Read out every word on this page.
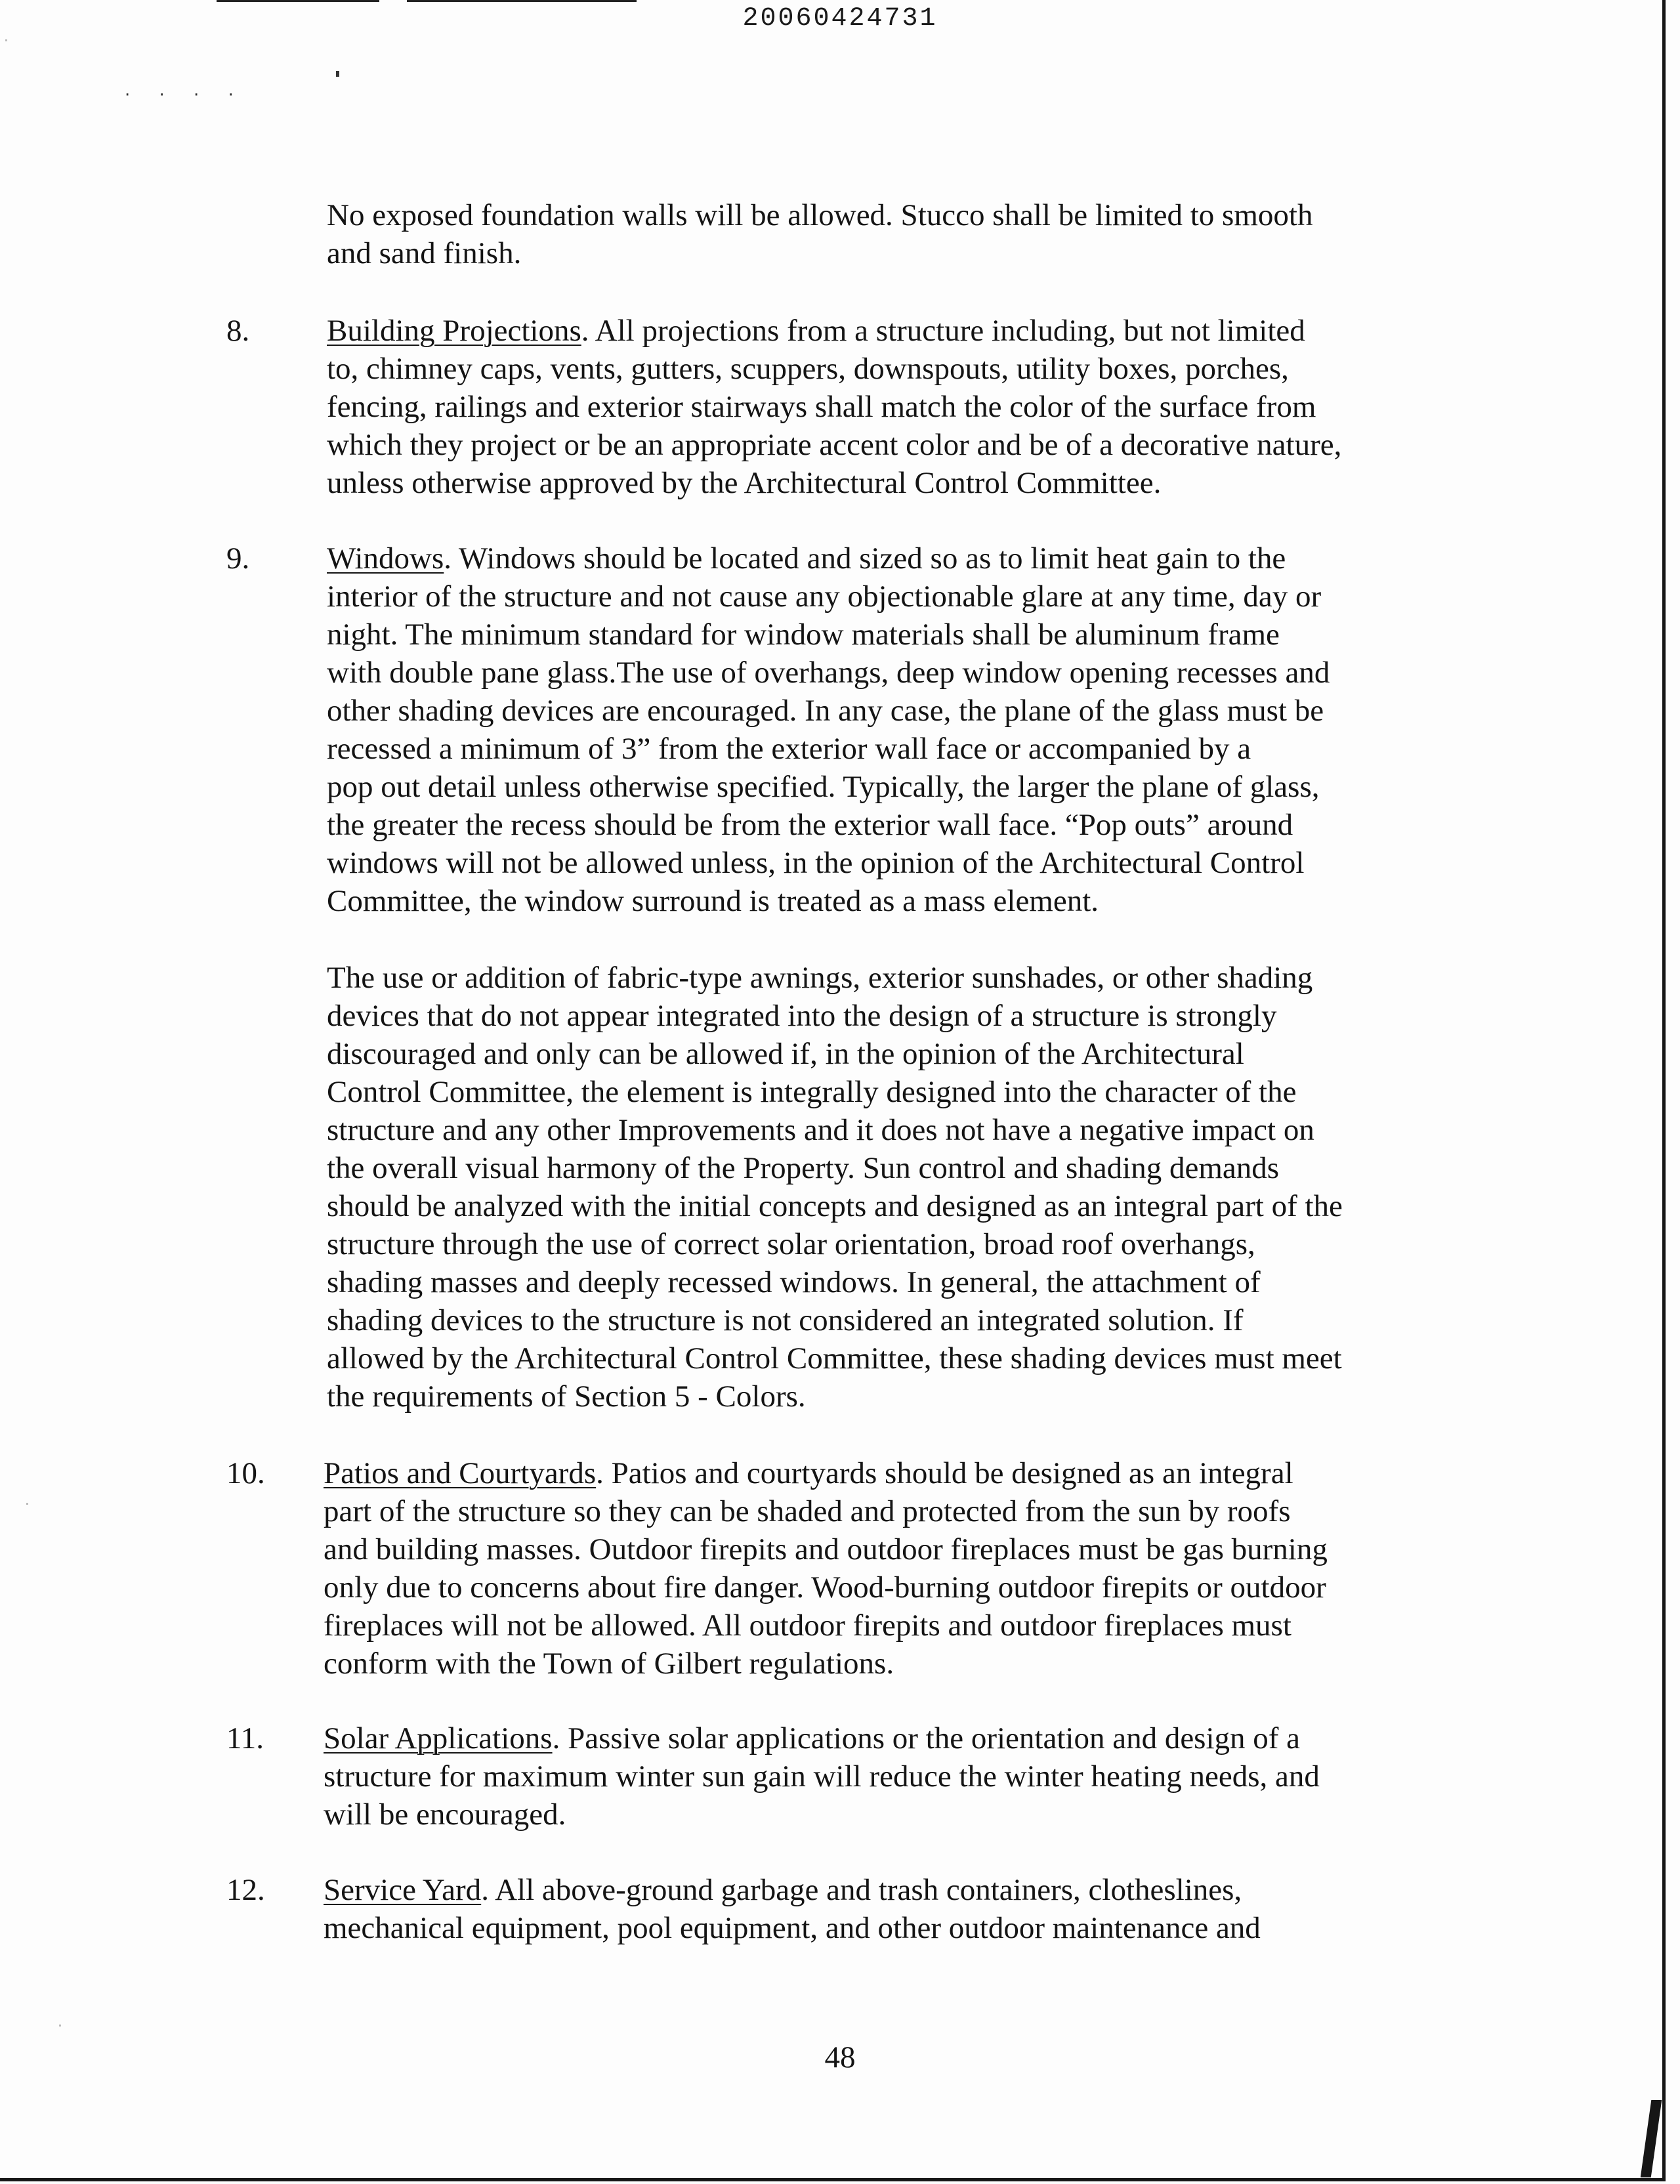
20060424731
· · · ·
No exposed foundation walls will be allowed. Stucco shall be limited to smooth
and sand finish.
8.	Building Projections. All projections from a structure including, but not limited
to, chimney caps, vents, gutters, scuppers, downspouts, utility boxes, porches,
fencing, railings and exterior stairways shall match the color of the surface from
which they project or be an appropriate accent color and be of a decorative nature,
unless otherwise approved by the Architectural Control Committee.
9.	Windows. Windows should be located and sized so as to limit heat gain to the
interior of the structure and not cause any objectionable glare at any time, day or
night. The minimum standard for window materials shall be aluminum frame
with double pane glass.The use of overhangs, deep window opening recesses and
other shading devices are encouraged. In any case, the plane of the glass must be
recessed a minimum of 3” from the exterior wall face or accompanied by a
pop out detail unless otherwise specified. Typically, the larger the plane of glass,
the greater the recess should be from the exterior wall face. “Pop outs” around
windows will not be allowed unless, in the opinion of the Architectural Control
Committee, the window surround is treated as a mass element.
The use or addition of fabric-type awnings, exterior sunshades, or other shading
devices that do not appear integrated into the design of a structure is strongly
discouraged and only can be allowed if, in the opinion of the Architectural
Control Committee, the element is integrally designed into the character of the
structure and any other Improvements and it does not have a negative impact on
the overall visual harmony of the Property. Sun control and shading demands
should be analyzed with the initial concepts and designed as an integral part of the
structure through the use of correct solar orientation, broad roof overhangs,
shading masses and deeply recessed windows. In general, the attachment of
shading devices to the structure is not considered an integrated solution. If
allowed by the Architectural Control Committee, these shading devices must meet
the requirements of Section 5 - Colors.
10. Patios and Courtyards. Patios and courtyards should be designed as an integral
part of the structure so they can be shaded and protected from the sun by roofs
and building masses. Outdoor firepits and outdoor fireplaces must be gas burning
only due to concerns about fire danger. Wood-burning outdoor firepits or outdoor
fireplaces will not be allowed. All outdoor firepits and outdoor fireplaces must
conform with the Town of Gilbert regulations.
11. Solar Applications. Passive solar applications or the orientation and design of a
structure for maximum winter sun gain will reduce the winter heating needs, and
will be encouraged.
12. Service Yard. All above-ground garbage and trash containers, clotheslines,
mechanical equipment, pool equipment, and other outdoor maintenance and
48
